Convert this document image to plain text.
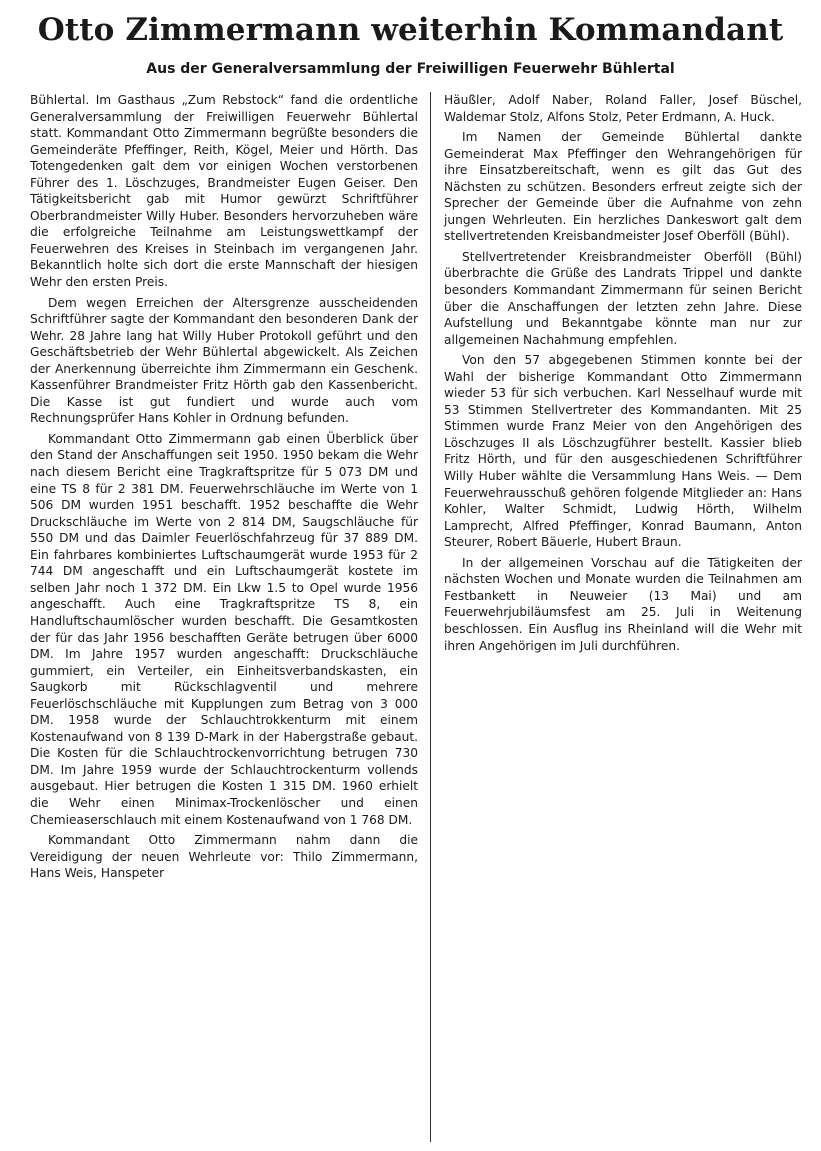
Otto Zimmermann weiterhin Kommandant
Aus der Generalversammlung der Freiwilligen Feuerwehr Bühlertal

Bühlertal. Im Gasthaus „Zum Rebstock“ fand die ordentliche Generalversammlung der Freiwilligen Feuerwehr Bühlertal statt. Kommandant Otto Zimmermann begrüßte besonders die Gemeinderäte Pfeffinger, Reith, Kögel, Meier und Hörth. Das Totengedenken galt dem vor einigen Wochen verstorbenen Führer des 1. Löschzuges, Brandmeister Eugen Geiser. Den Tätigkeitsbericht gab mit Humor gewürzt Schriftführer Oberbrandmeister Willy Huber. Besonders hervorzuheben wäre die erfolgreiche Teilnahme am Leistungswettkampf der Feuerwehren des Kreises in Steinbach im vergangenen Jahr. Bekanntlich holte sich dort die erste Mannschaft der hiesigen Wehr den ersten Preis.

Dem wegen Erreichen der Altersgrenze ausscheidenden Schriftführer sagte der Kommandant den besonderen Dank der Wehr. 28 Jahre lang hat Willy Huber Protokoll geführt und den Geschäftsbetrieb der Wehr Bühlertal abgewickelt. Als Zeichen der Anerkennung überreichte ihm Zimmermann ein Geschenk. Kassenführer Brandmeister Fritz Hörth gab den Kassenbericht. Die Kasse ist gut fundiert und wurde auch vom Rechnungsprüfer Hans Kohler in Ordnung befunden.

Kommandant Otto Zimmermann gab einen Überblick über den Stand der Anschaffungen seit 1950. 1950 bekam die Wehr nach diesem Bericht eine Tragkraftspritze für 5 073 DM und eine TS 8 für 2 381 DM. Feuerwehrschläuche im Werte von 1 506 DM wurden 1951 beschafft. 1952 beschaffte die Wehr Druckschläuche im Werte von 2 814 DM, Saugschläuche für 550 DM und das Daimler Feuerlöschfahrzeug für 37 889 DM. Ein fahrbares kombiniertes Luftschaumgerät wurde 1953 für 2 744 DM angeschafft und ein Luftschaumgerät kostete im selben Jahr noch 1 372 DM. Ein Lkw 1.5 to Opel wurde 1956 angeschafft. Auch eine Tragkraftspritze TS 8, ein Handluftschaumlöscher wurden beschafft. Die Gesamtkosten der für das Jahr 1956 beschafften Geräte betrugen über 6000 DM. Im Jahre 1957 wurden angeschafft: Druckschläuche gummiert, ein Verteiler, ein Einheitsverbandskasten, ein Saugkorb mit Rückschlagventil und mehrere Feuerlöschschläuche mit Kupplungen zum Betrag von 3 000 DM. 1958 wurde der Schlauchtrokkenturm mit einem Kostenaufwand von 8 139 D-Mark in der Habergstraße gebaut. Die Kosten für die Schlauchtrockenvorrichtung betrugen 730 DM. Im Jahre 1959 wurde der Schlauchtrockenturm vollends ausgebaut. Hier betrugen die Kosten 1 315 DM. 1960 erhielt die Wehr einen Minimax-Trockenlöscher und einen Chemieaserschlauch mit einem Kostenaufwand von 1 768 DM.

Kommandant Otto Zimmermann nahm dann die Vereidigung der neuen Wehrleute vor: Thilo Zimmermann, Hans Weis, Hanspeter

Häußler, Adolf Naber, Roland Faller, Josef Büschel, Waldemar Stolz, Alfons Stolz, Peter Erdmann, A. Huck.

Im Namen der Gemeinde Bühlertal dankte Gemeinderat Max Pfeffinger den Wehrangehörigen für ihre Einsatzbereitschaft, wenn es gilt das Gut des Nächsten zu schützen. Besonders erfreut zeigte sich der Sprecher der Gemeinde über die Aufnahme von zehn jungen Wehrleuten. Ein herzliches Dankeswort galt dem stellvertretenden Kreisbandmeister Josef Oberföll (Bühl).

Stellvertretender Kreisbrandmeister Oberföll (Bühl) überbrachte die Grüße des Landrats Trippel und dankte besonders Kommandant Zimmermann für seinen Bericht über die Anschaffungen der letzten zehn Jahre. Diese Aufstellung und Bekanntgabe könnte man nur zur allgemeinen Nachahmung empfehlen.

Von den 57 abgegebenen Stimmen konnte bei der Wahl der bisherige Kommandant Otto Zimmermann wieder 53 für sich verbuchen. Karl Nesselhauf wurde mit 53 Stimmen Stellvertreter des Kommandanten. Mit 25 Stimmen wurde Franz Meier von den Angehörigen des Löschzuges II als Löschzugführer bestellt. Kassier blieb Fritz Hörth, und für den ausgeschiedenen Schriftführer Willy Huber wählte die Versammlung Hans Weis. — Dem Feuerwehrausschuß gehören folgende Mitglieder an: Hans Kohler, Walter Schmidt, Ludwig Hörth, Wilhelm Lamprecht, Alfred Pfeffinger, Konrad Baumann, Anton Steurer, Robert Bäuerle, Hubert Braun.

In der allgemeinen Vorschau auf die Tätigkeiten der nächsten Wochen und Monate wurden die Teilnahmen am Festbankett in Neuweier (13 Mai) und am Feuerwehrjubiläumsfest am 25. Juli in Weitenung beschlossen. Ein Ausflug ins Rheinland will die Wehr mit ihren Angehörigen im Juli durchführen.
